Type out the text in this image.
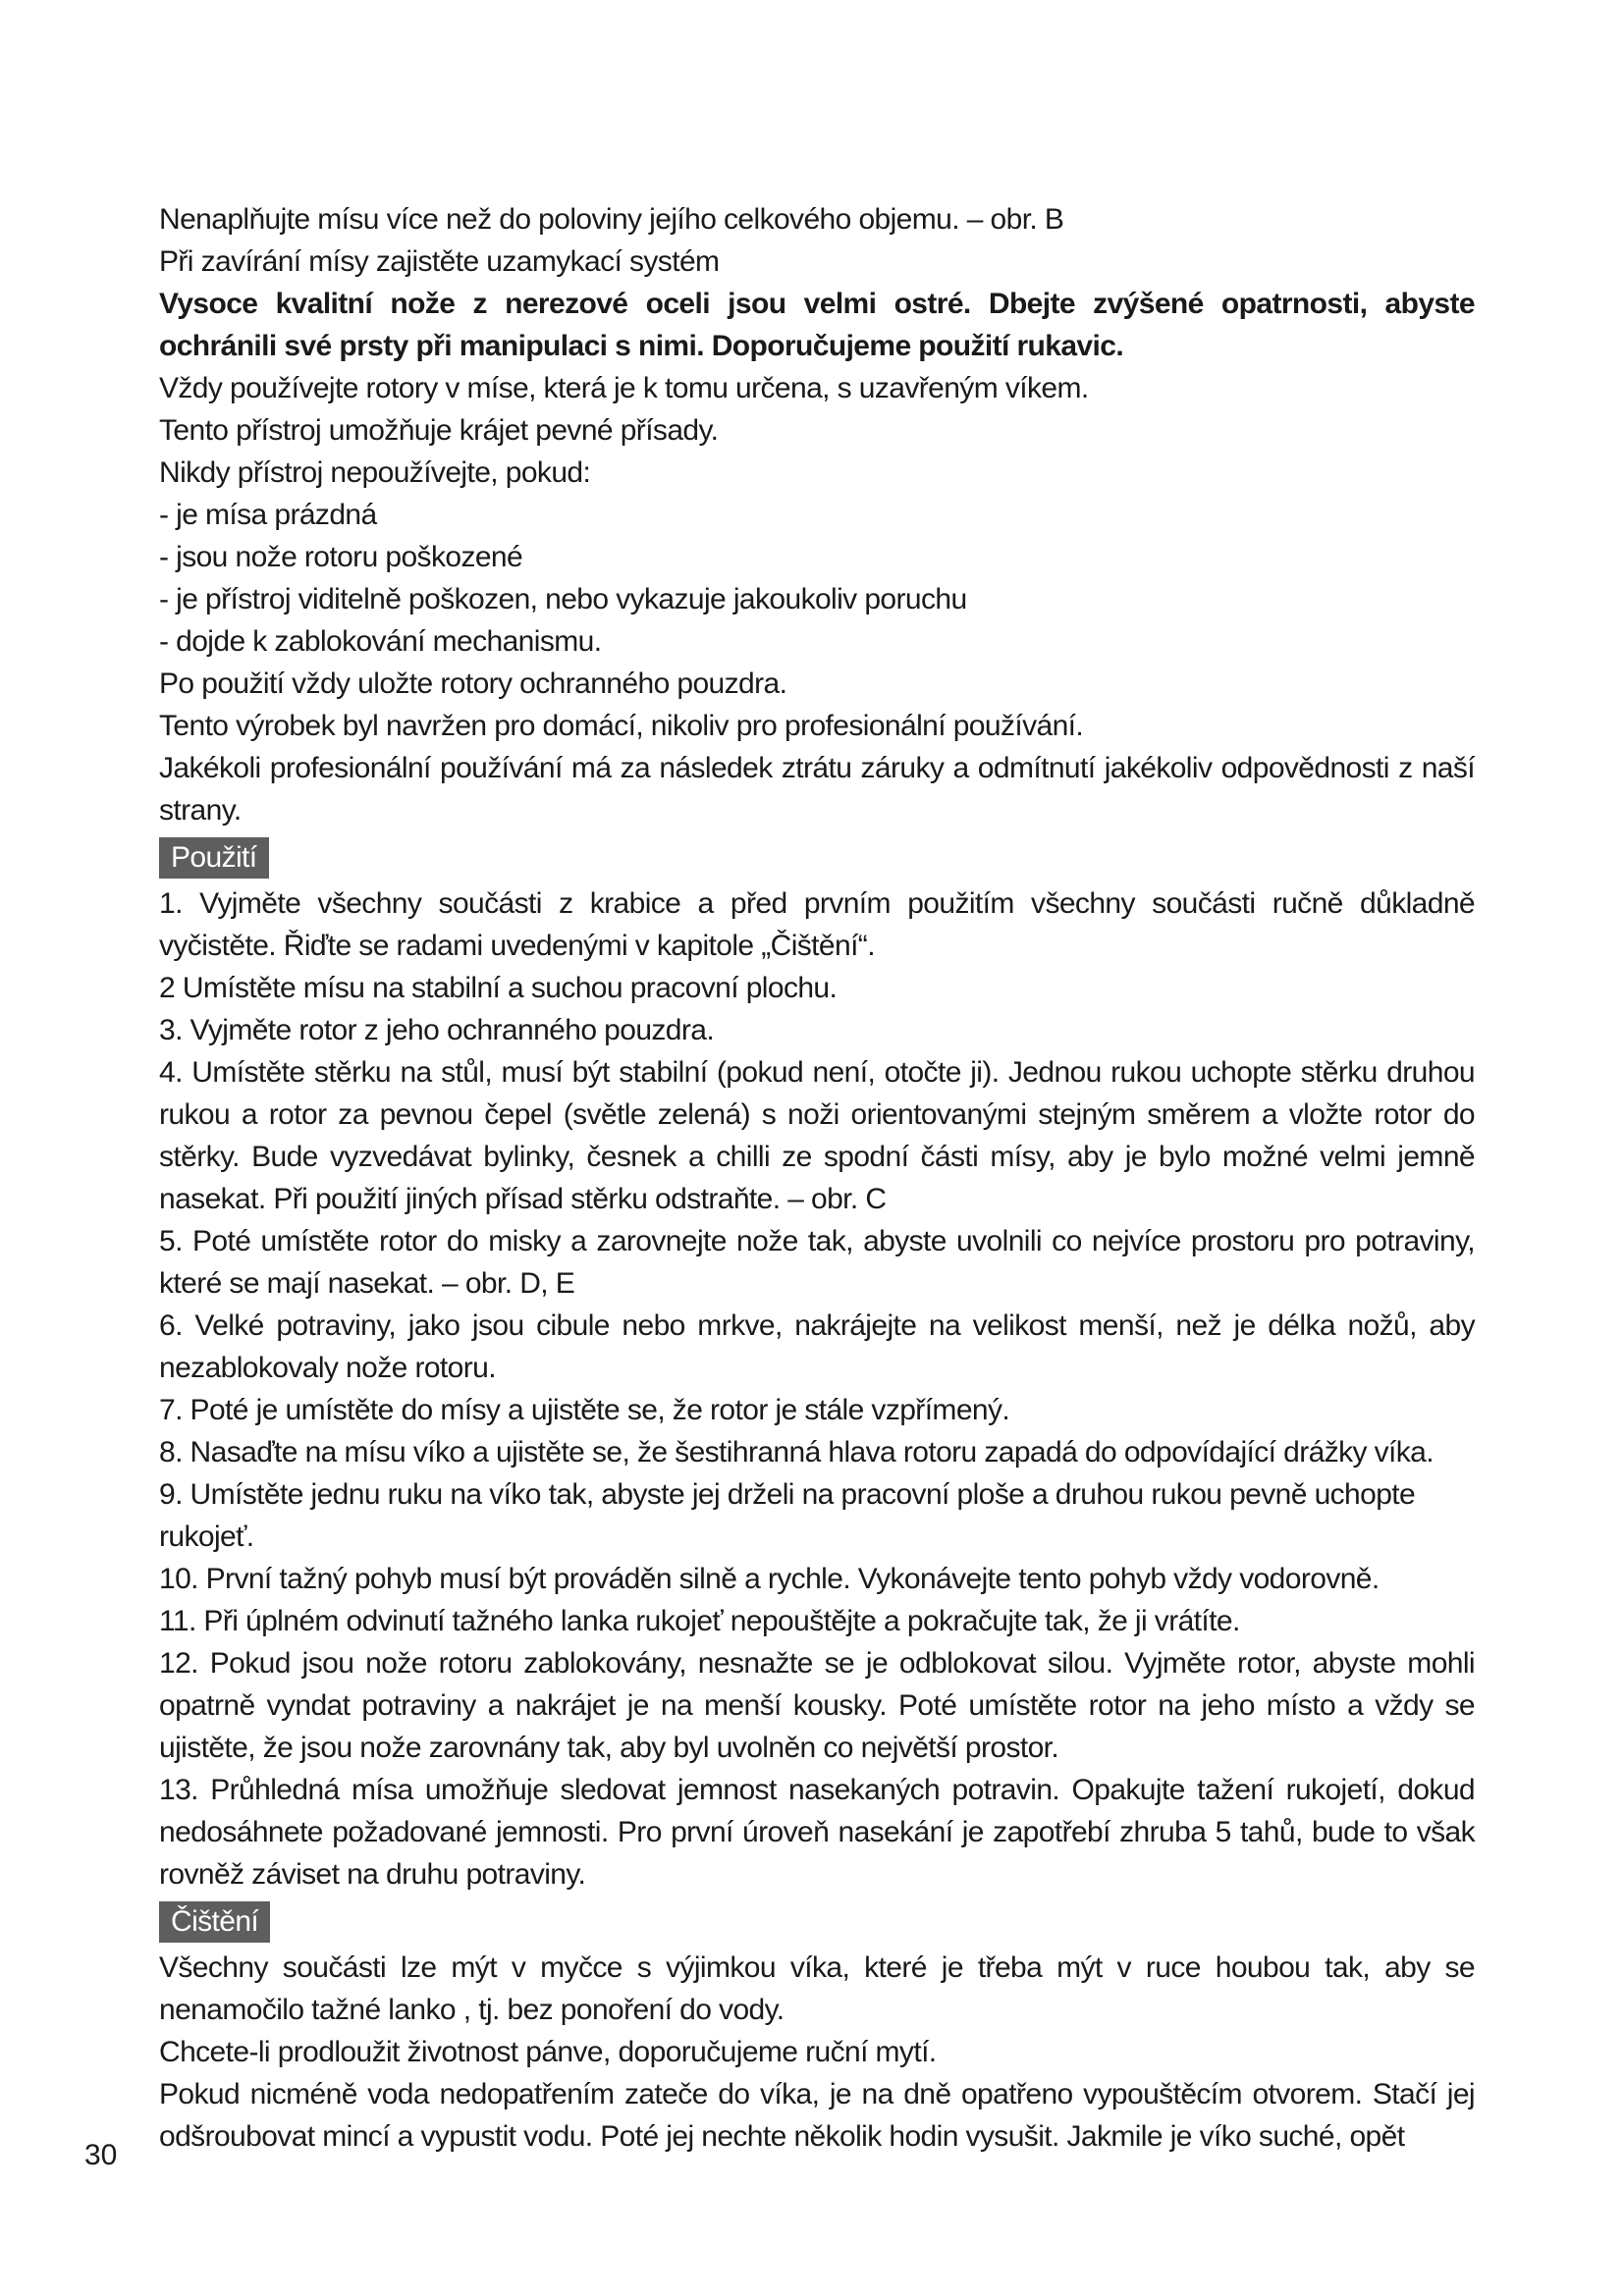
Nenaplňujte mísu více než do poloviny jejího celkového objemu. – obr. B
Při zavírání mísy zajistěte uzamykací systém
Vysoce kvalitní nože z nerezové oceli jsou velmi ostré. Dbejte zvýšené opatrnosti, abyste ochránili své prsty při manipulaci s nimi. Doporučujeme použití rukavic.
Vždy používejte rotory v míse, která je k tomu určena, s uzavřeným víkem.
Tento přístroj umožňuje krájet pevné přísady.
Nikdy přístroj nepoužívejte, pokud:
- je mísa prázdná
- jsou nože rotoru poškozené
- je přístroj viditelně poškozen, nebo vykazuje jakoukoliv poruchu
- dojde k zablokování mechanismu.
Po použití vždy uložte rotory ochranného pouzdra.
Tento výrobek byl navržen pro domácí, nikoliv pro profesionální používání.
Jakékoli profesionální používání má za následek ztrátu záruky a odmítnutí jakékoliv odpovědnosti z naší strany.
Použití
1. Vyjměte všechny součásti z krabice a před prvním použitím všechny součásti ručně důkladně vyčistěte. Řiďte se radami uvedenými v kapitole „Čištění“.
2 Umístěte mísu na stabilní a suchou pracovní plochu.
3. Vyjměte rotor z jeho ochranného pouzdra.
4. Umístěte stěrku na stůl, musí být stabilní (pokud není, otočte ji). Jednou rukou uchopte stěrku druhou rukou a rotor za pevnou čepel (světle zelená) s noži orientovanými stejným směrem a vložte rotor do stěrky. Bude vyzvedávat bylinky, česnek a chilli ze spodní části mísy, aby je bylo možné velmi jemně nasekat. Při použití jiných přísad stěrku odstraňte. – obr. C
5. Poté umístěte rotor do misky a zarovnejte nože tak, abyste uvolnili co nejvíce prostoru pro potraviny, které se mají nasekat. – obr. D, E
6. Velké potraviny, jako jsou cibule nebo mrkve, nakrájejte na velikost menší, než je délka nožů, aby nezablokovaly nože rotoru.
7. Poté je umístěte do mísy a ujistěte se, že rotor je stále vzpřímený.
8. Nasaďte na mísu víko a ujistěte se, že šestihranná hlava rotoru zapadá do odpovídající drážky víka.
9. Umístěte jednu ruku na víko tak, abyste jej drželi na pracovní ploše a druhou rukou pevně uchopte rukojeť.
10. První tažný pohyb musí být prováděn silně a rychle. Vykonávejte tento pohyb vždy vodorovně.
11. Při úplném odvinutí tažného lanka rukojeť nepouštějte a pokračujte tak, že ji vrátíte.
12. Pokud jsou nože rotoru zablokovány, nesnažte se je odblokovat silou. Vyjměte rotor, abyste mohli opatrně vyndat potraviny a nakrájet je na menší kousky. Poté umístěte rotor na jeho místo a vždy se ujistěte, že jsou nože zarovnány tak, aby byl uvolněn co největší prostor.
13. Průhledná mísa umožňuje sledovat jemnost nasekaných potravin. Opakujte tažení rukojetí, dokud nedosáhnete požadované jemnosti. Pro první úroveň nasekání je zapotřebí zhruba 5 tahů, bude to však rovněž záviset na druhu potraviny.
Čištění
Všechny součásti lze mýt v myčce s výjimkou víka, které je třeba mýt v ruce houbou tak, aby se nenamočilo tažné lanko , tj. bez ponoření do vody.
Chcete-li prodloužit životnost pánve, doporučujeme ruční mytí.
Pokud nicméně voda nedopatřením zateče do víka, je na dně opatřeno vypouštěcím otvorem. Stačí jej odšroubovat mincí a vypustit vodu. Poté jej nechte několik hodin vysušit. Jakmile je víko suché, opět
30
